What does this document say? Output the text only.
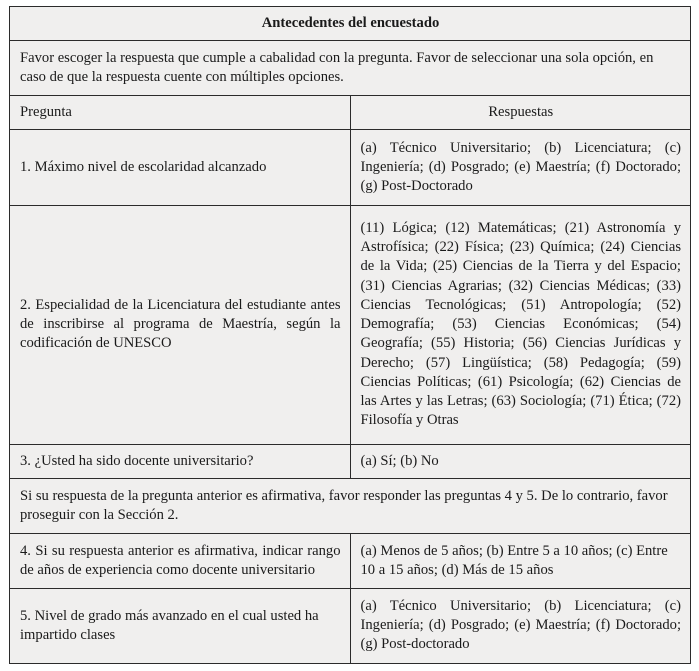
Antecedentes del encuestado	
Favor escoger la respuesta que cumple a cabalidad con la pregunta. Favor de seleccionar una sola opción, en caso de que la respuesta cuente con múltiples opciones.	
Pregunta	Respuestas
1. Máximo nivel de escolaridad alcanzado	(a) Técnico Universitario; (b) Licenciatura; (c) Ingeniería; (d) Posgrado; (e) Maestría; (f) Doctorado; (g) Post-Doctorado
2. Especialidad de la Licenciatura del estudiante antes de inscribirse al programa de Maestría, según la codificación de UNESCO	(11) Lógica; (12) Matemáticas; (21) Astronomía y Astrofísica; (22) Física; (23) Química; (24) Ciencias de la Vida; (25) Ciencias de la Tierra y del Espacio; (31) Ciencias Agrarias; (32) Ciencias Médicas; (33) Ciencias Tecnológicas; (51) Antropología; (52) Demografía; (53) Ciencias Económicas; (54) Geografía; (55) Historia; (56) Ciencias Jurídicas y Derecho; (57) Lingüística; (58) Pedagogía; (59) Ciencias Políticas; (61) Psicología; (62) Ciencias de las Artes y las Letras; (63) Sociología; (71) Ética; (72) Filosofía y Otras
3. ¿Usted ha sido docente universitario?	(a) Sí; (b) No
Si su respuesta de la pregunta anterior es afirmativa, favor responder las preguntas 4 y 5. De lo contrario, favor proseguir con la Sección 2.	
4. Si su respuesta anterior es afirmativa, indicar rango de años de experiencia como docente universitario	(a) Menos de 5 años; (b) Entre 5 a 10 años; (c) Entre 10 a 15 años; (d) Más de 15 años
5. Nivel de grado más avanzado en el cual usted ha impartido clases	(a) Técnico Universitario; (b) Licenciatura; (c) Ingeniería; (d) Posgrado; (e) Maestría; (f) Doctorado; (g) Post-doctorado
